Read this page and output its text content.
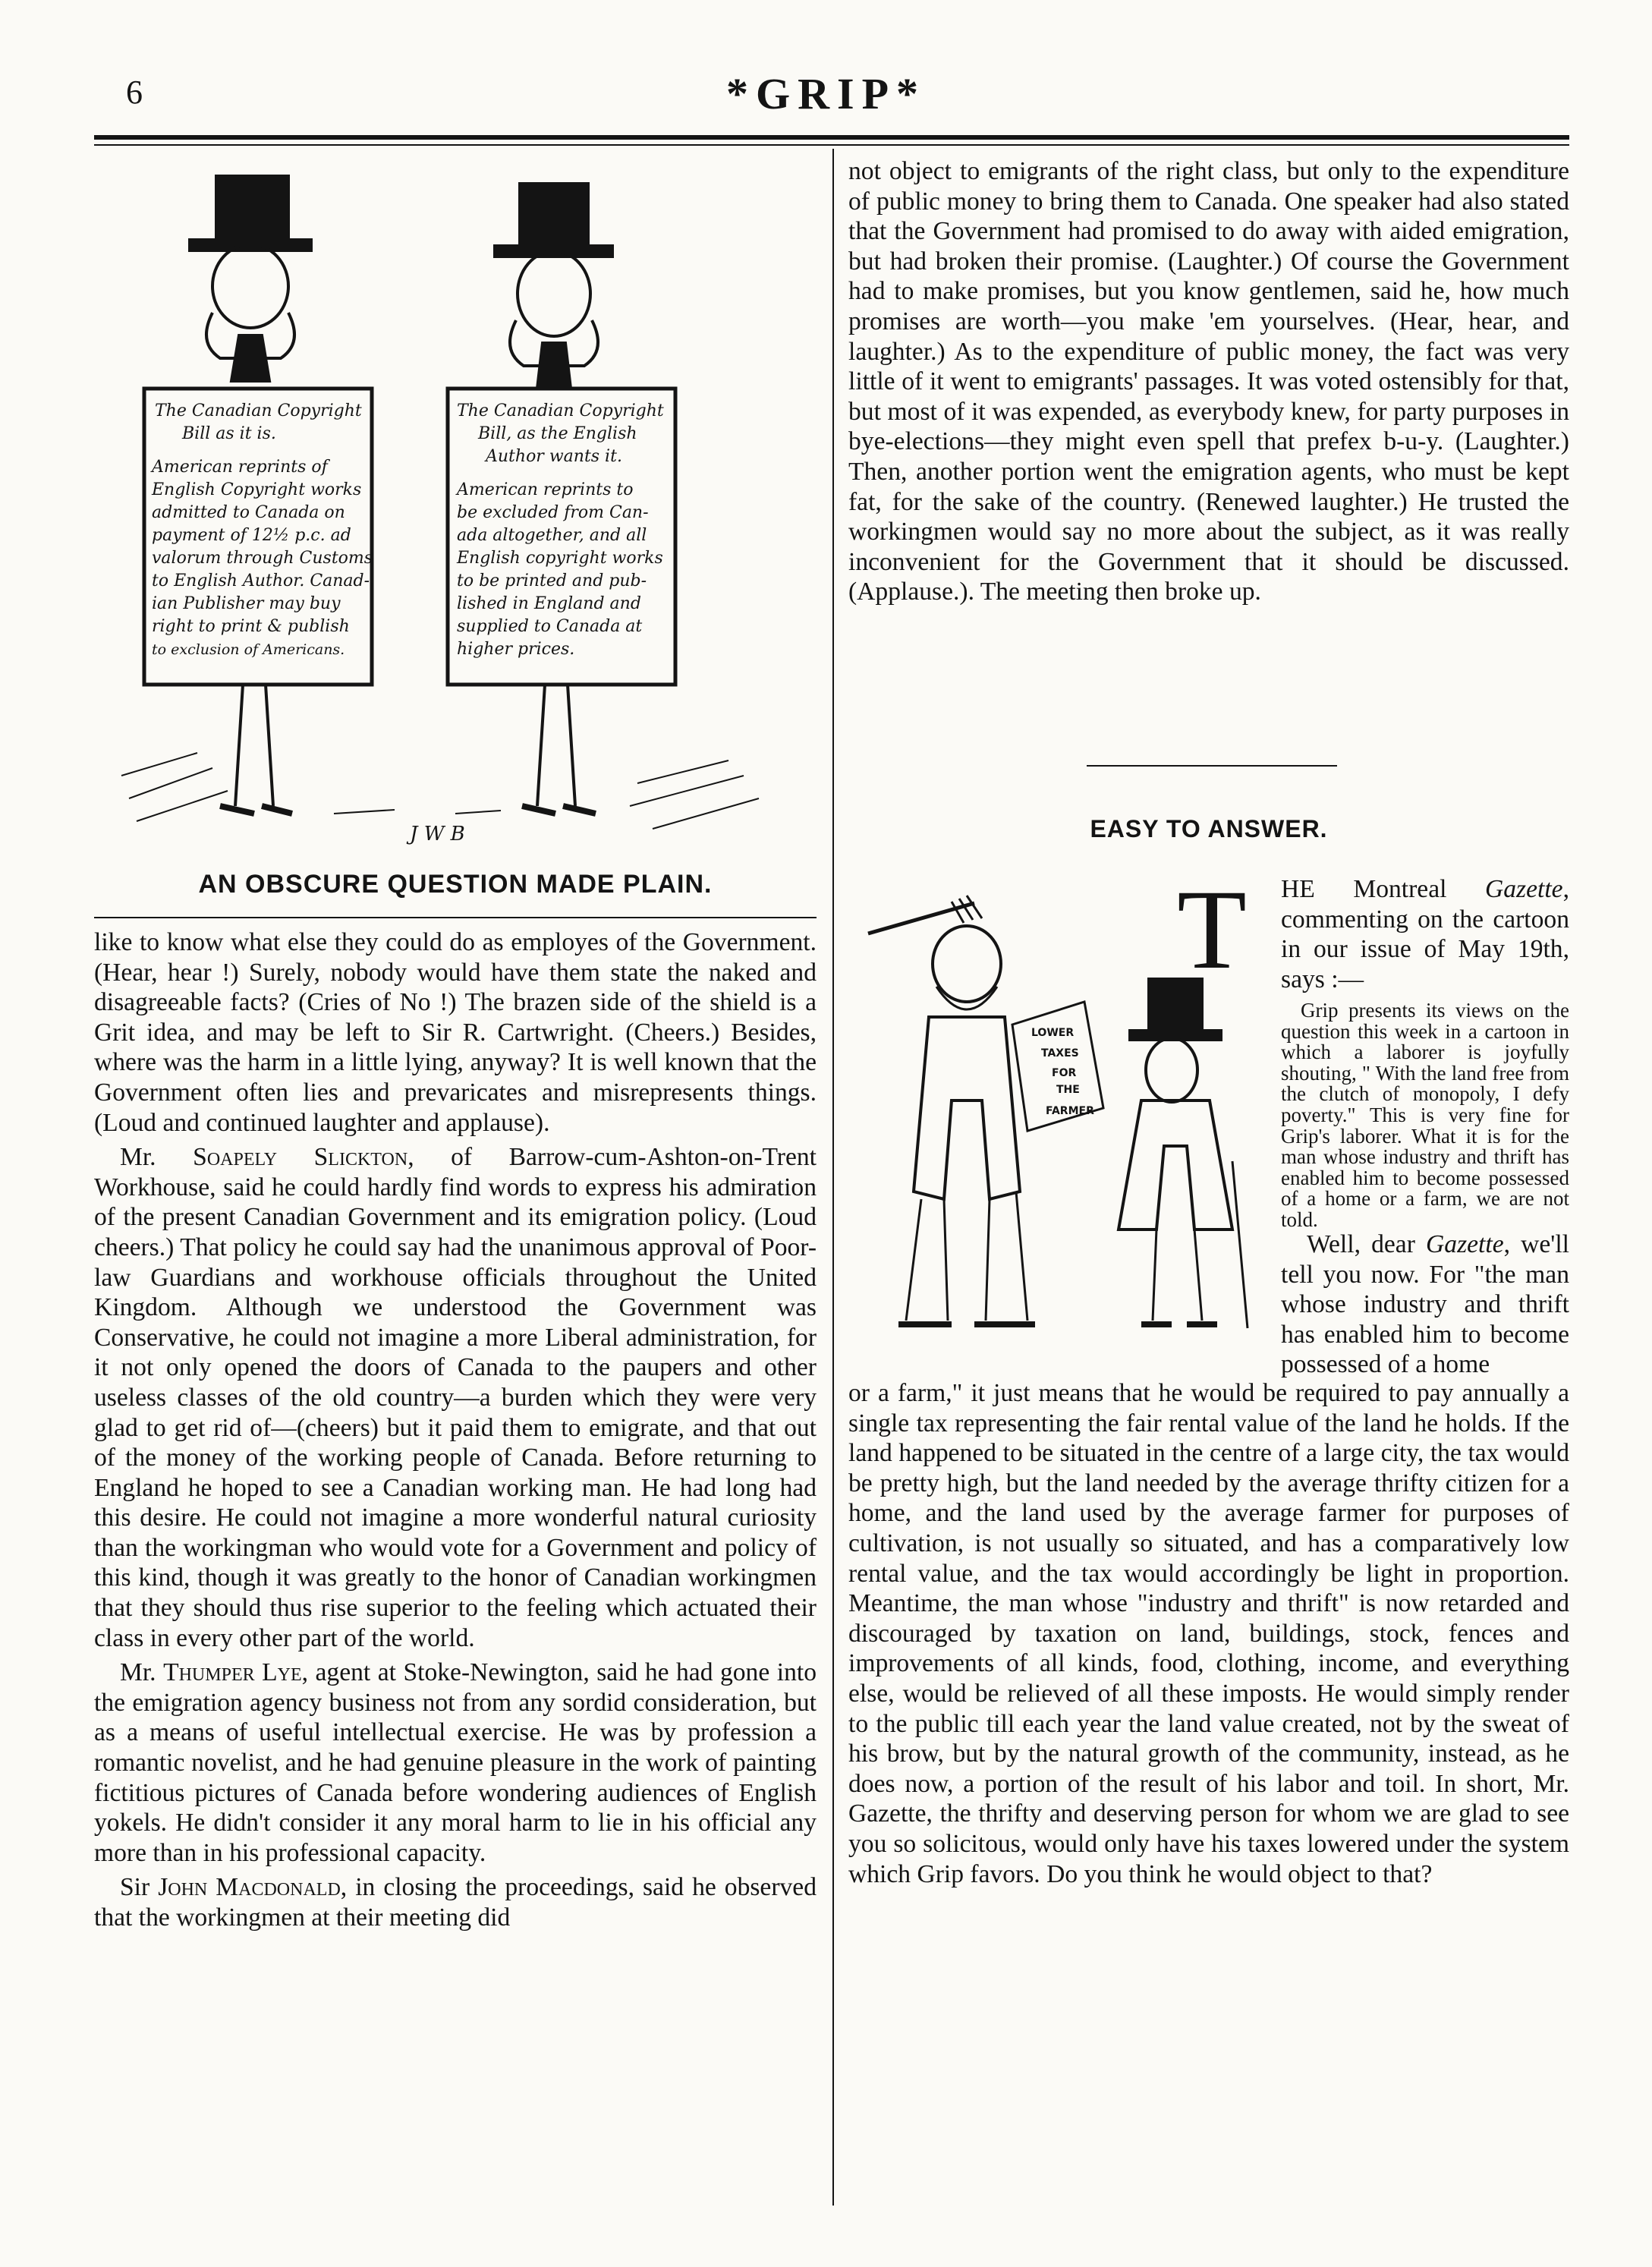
6	*GRIP*
The Canadian Copyright
Bill as it is.
American reprints of
English Copyright works
admitted to Canada on
payment of 12½ p.c. ad
valorum through Customs
to English Author. Canad-
ian Publisher may buy
right to print & publish
to exclusion of Americans.
The Canadian Copyright
Bill, as the English
Author wants it.
American reprints to
be excluded from Can-
ada altogether, and all
English copyright works
to be printed and pub-
lished in England and
supplied to Canada at
higher prices.
J W B
AN OBSCURE QUESTION MADE PLAIN.

like to know what else they could do as employes of the Government. (Hear, hear !) Surely, nobody would have them state the naked and disagreeable facts? (Cries of No !) The brazen side of the shield is a Grit idea, and may be left to Sir R. Cartwright. (Cheers.) Besides, where was the harm in a little lying, anyway? It is well known that the Government often lies and prevaricates and misrepresents things. (Loud and continued laughter and applause).

Mr. Soapely Slickton, of Barrow-cum-Ashton-on-Trent Workhouse, said he could hardly find words to express his admiration of the present Canadian Government and its emigration policy. (Loud cheers.) That policy he could say had the unanimous approval of Poor-law Guardians and workhouse officials throughout the United Kingdom. Although we understood the Government was Conservative, he could not imagine a more Liberal administration, for it not only opened the doors of Canada to the paupers and other useless classes of the old country—a burden which they were very glad to get rid of—(cheers) but it paid them to emigrate, and that out of the money of the working people of Canada. Before returning to England he hoped to see a Canadian working man. He had long had this desire. He could not imagine a more wonderful natural curiosity than the workingman who would vote for a Government and policy of this kind, though it was greatly to the honor of Canadian workingmen that they should thus rise superior to the feeling which actuated their class in every other part of the world.

Mr. Thumper Lye, agent at Stoke-Newington, said he had gone into the emigration agency business not from any sordid consideration, but as a means of useful intellectual exercise. He was by profession a romantic novelist, and he had genuine pleasure in the work of painting fictitious pictures of Canada before wondering audiences of English yokels. He didn't consider it any moral harm to lie in his official any more than in his professional capacity.

Sir John Macdonald, in closing the proceedings, said he observed that the workingmen at their meeting did

not object to emigrants of the right class, but only to the expenditure of public money to bring them to Canada. One speaker had also stated that the Government had promised to do away with aided emigration, but had broken their promise. (Laughter.) Of course the Government had to make promises, but you know gentlemen, said he, how much promises are worth—you make 'em yourselves. (Hear, hear, and laughter.) As to the expenditure of public money, the fact was very little of it went to emigrants' passages. It was voted ostensibly for that, but most of it was expended, as everybody knew, for party purposes in bye-elections—they might even spell that prefex b-u-y. (Laughter.) Then, another portion went the emigration agents, who must be kept fat, for the sake of the country. (Renewed laughter.) He trusted the workingmen would say no more about the subject, as it was really inconvenient for the Government that it should be discussed. (Applause.). The meeting then broke up.

EASY TO ANSWER.
LOWER
TAXES
FOR
THE
FARMER
T	HE Montreal Gazette, commenting on the cartoon in our issue of May 19th, says :—

Grip presents its views on the question this week in a cartoon in which a laborer is joyfully shouting, " With the land free from the clutch of monopoly, I defy poverty." This is very fine for Grip's laborer. What it is for the man whose industry and thrift has enabled him to become possessed of a home or a farm, we are not told.

Well, dear Gazette, we'll tell you now. For "the man whose industry and thrift has enabled him to become possessed of a home

or a farm," it just means that he would be required to pay annually a single tax representing the fair rental value of the land he holds. If the land happened to be situated in the centre of a large city, the tax would be pretty high, but the land needed by the average thrifty citizen for a home, and the land used by the average farmer for purposes of cultivation, is not usually so situated, and has a comparatively low rental value, and the tax would accordingly be light in proportion. Meantime, the man whose "industry and thrift" is now retarded and discouraged by taxation on land, buildings, stock, fences and improvements of all kinds, food, clothing, income, and everything else, would be relieved of all these imposts. He would simply render to the public till each year the land value created, not by the sweat of his brow, but by the natural growth of the community, instead, as he does now, a portion of the result of his labor and toil. In short, Mr. Gazette, the thrifty and deserving person for whom we are glad to see you so solicitous, would only have his taxes lowered under the system which Grip favors. Do you think he would object to that?
